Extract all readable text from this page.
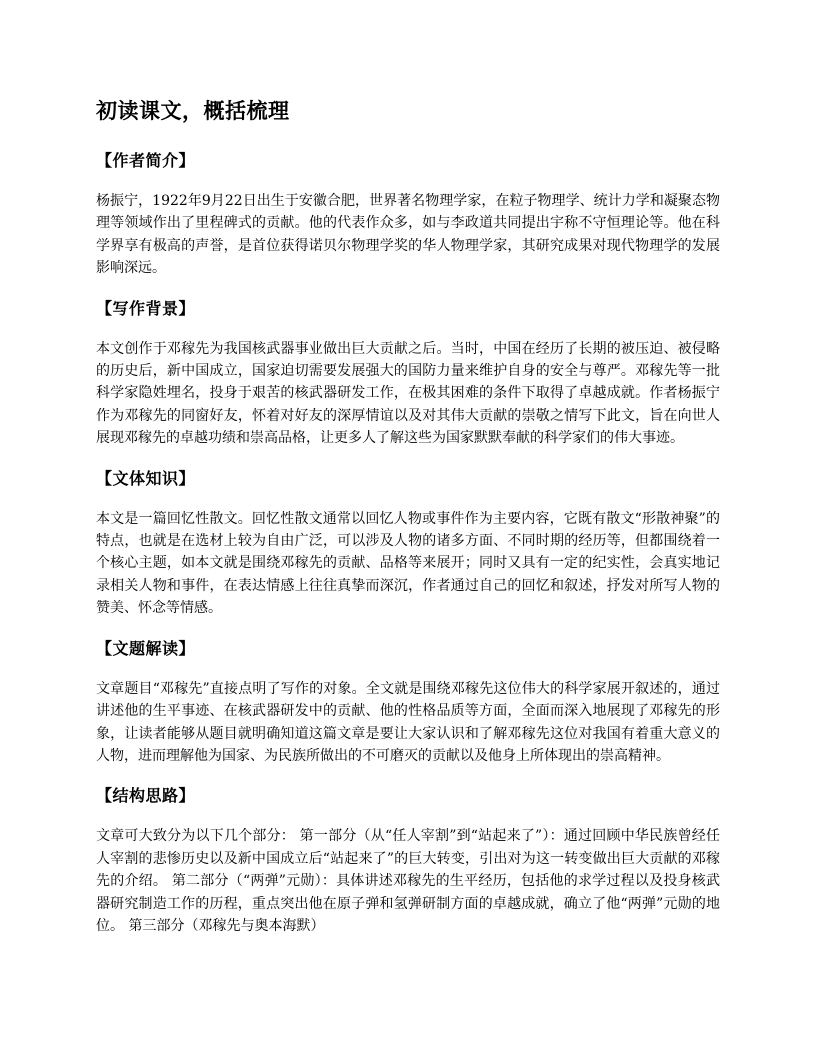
初读课文，概括梳理
【作者简介】

杨振宁，1922年9月22日出生于安徽合肥，世界著名物理学家，在粒子物理学、统计力学和凝聚态物理等领域作出了里程碑式的贡献。他的代表作众多，如与李政道共同提出宇称不守恒理论等。他在科学界享有极高的声誉，是首位获得诺贝尔物理学奖的华人物理学家，其研究成果对现代物理学的发展影响深远。

【写作背景】

本文创作于邓稼先为我国核武器事业做出巨大贡献之后。当时，中国在经历了长期的被压迫、被侵略的历史后，新中国成立，国家迫切需要发展强大的国防力量来维护自身的安全与尊严。邓稼先等一批科学家隐姓埋名，投身于艰苦的核武器研发工作，在极其困难的条件下取得了卓越成就。作者杨振宁作为邓稼先的同窗好友，怀着对好友的深厚情谊以及对其伟大贡献的崇敬之情写下此文，旨在向世人展现邓稼先的卓越功绩和崇高品格，让更多人了解这些为国家默默奉献的科学家们的伟大事迹。

【文体知识】

本文是一篇回忆性散文。回忆性散文通常以回忆人物或事件作为主要内容，它既有散文“形散神聚”的特点，也就是在选材上较为自由广泛，可以涉及人物的诸多方面、不同时期的经历等，但都围绕着一个核心主题，如本文就是围绕邓稼先的贡献、品格等来展开；同时又具有一定的纪实性，会真实地记录相关人物和事件，在表达情感上往往真挚而深沉，作者通过自己的回忆和叙述，抒发对所写人物的赞美、怀念等情感。

【文题解读】

文章题目“邓稼先”直接点明了写作的对象。全文就是围绕邓稼先这位伟大的科学家展开叙述的，通过讲述他的生平事迹、在核武器研发中的贡献、他的性格品质等方面，全面而深入地展现了邓稼先的形象，让读者能够从题目就明确知道这篇文章是要让大家认识和了解邓稼先这位对我国有着重大意义的人物，进而理解他为国家、为民族所做出的不可磨灭的贡献以及他身上所体现出的崇高精神。

【结构思路】

文章可大致分为以下几个部分： 第一部分（从“任人宰割”到“站起来了”）：通过回顾中华民族曾经任人宰割的悲惨历史以及新中国成立后“站起来了”的巨大转变，引出对为这一转变做出巨大贡献的邓稼先的介绍。 第二部分（“两弹”元勋）：具体讲述邓稼先的生平经历，包括他的求学过程以及投身核武器研究制造工作的历程，重点突出他在原子弹和氢弹研制方面的卓越成就，确立了他“两弹”元勋的地位。 第三部分（邓稼先与奥本海默）
